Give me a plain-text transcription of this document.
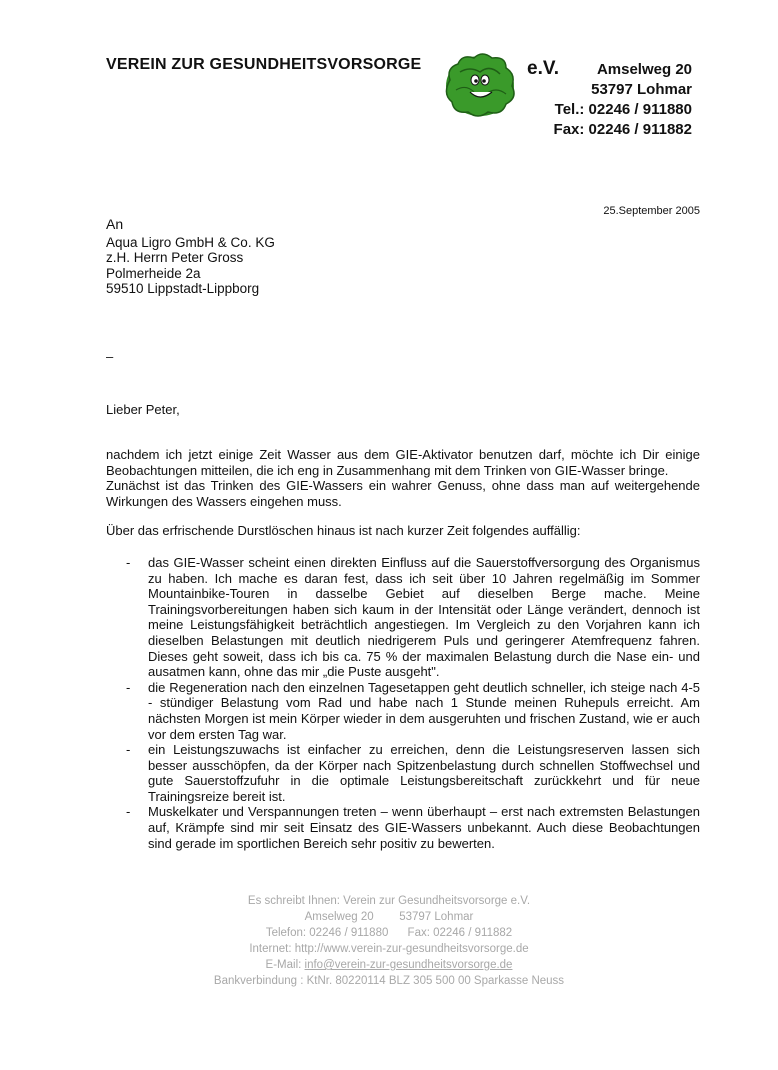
VEREIN ZUR GESUNDHEITSVORSORGE	e.V.	Amselweg 20
53797 Lohmar
Tel.: 02246 / 911880
Fax: 02246 / 911882
25.September 2005
An
Aqua Ligro GmbH & Co. KG
z.H. Herrn Peter Gross
Polmerheide 2a
59510 Lippstadt-Lippborg
–
Lieber Peter,

nachdem ich jetzt einige Zeit Wasser aus dem GIE-Aktivator benutzen darf, möchte ich Dir einige Beobachtungen mitteilen, die ich eng in Zusammenhang mit dem Trinken von GIE-Wasser bringe.

Zunächst ist das Trinken des GIE-Wassers ein wahrer Genuss, ohne dass man auf weitergehende Wirkungen des Wassers eingehen muss.

Über das erfrischende Durstlöschen hinaus ist nach kurzer Zeit folgendes auffällig:

- das GIE-Wasser scheint einen direkten Einfluss auf die Sauerstoffversorgung des Organismus zu haben. Ich mache es daran fest, dass ich seit über 10 Jahren regelmäßig im Sommer Mountainbike-Touren in dasselbe Gebiet auf dieselben Berge mache. Meine Trainingsvorbereitungen haben sich kaum in der Intensität oder Länge verändert, dennoch ist meine Leistungsfähigkeit beträchtlich angestiegen. Im Vergleich zu den Vorjahren kann ich dieselben Belastungen mit deutlich niedrigerem Puls und geringerer Atemfrequenz fahren. Dieses geht soweit, dass ich bis ca. 75 % der maximalen Belastung durch die Nase ein- und ausatmen kann, ohne das mir „die Puste ausgeht".
- die Regeneration nach den einzelnen Tagesetappen geht deutlich schneller, ich steige nach 4-5 - stündiger Belastung vom Rad und habe nach 1 Stunde meinen Ruhepuls erreicht. Am nächsten Morgen ist mein Körper wieder in dem ausgeruhten und frischen Zustand, wie er auch vor dem ersten Tag war.
- ein Leistungszuwachs ist einfacher zu erreichen, denn die Leistungsreserven lassen sich besser ausschöpfen, da der Körper nach Spitzenbelastung durch schnellen Stoffwechsel und gute Sauerstoffzufuhr in die optimale Leistungsbereitschaft zurückkehrt und für neue Trainingsreize bereit ist.
- Muskelkater und Verspannungen treten – wenn überhaupt – erst nach extremsten Belastungen auf, Krämpfe sind mir seit Einsatz des GIE-Wassers unbekannt. Auch diese Beobachtungen sind gerade im sportlichen Bereich sehr positiv zu bewerten.
Es schreibt Ihnen: Verein zur Gesundheitsvorsorge e.V.
Amselweg 20        53797 Lohmar
Telefon: 02246 / 911880      Fax: 02246 / 911882
Internet: http://www.verein-zur-gesundheitsvorsorge.de
E-Mail: info@verein-zur-gesundheitsvorsorge.de
Bankverbindung : KtNr. 80220114 BLZ 305 500 00 Sparkasse Neuss
